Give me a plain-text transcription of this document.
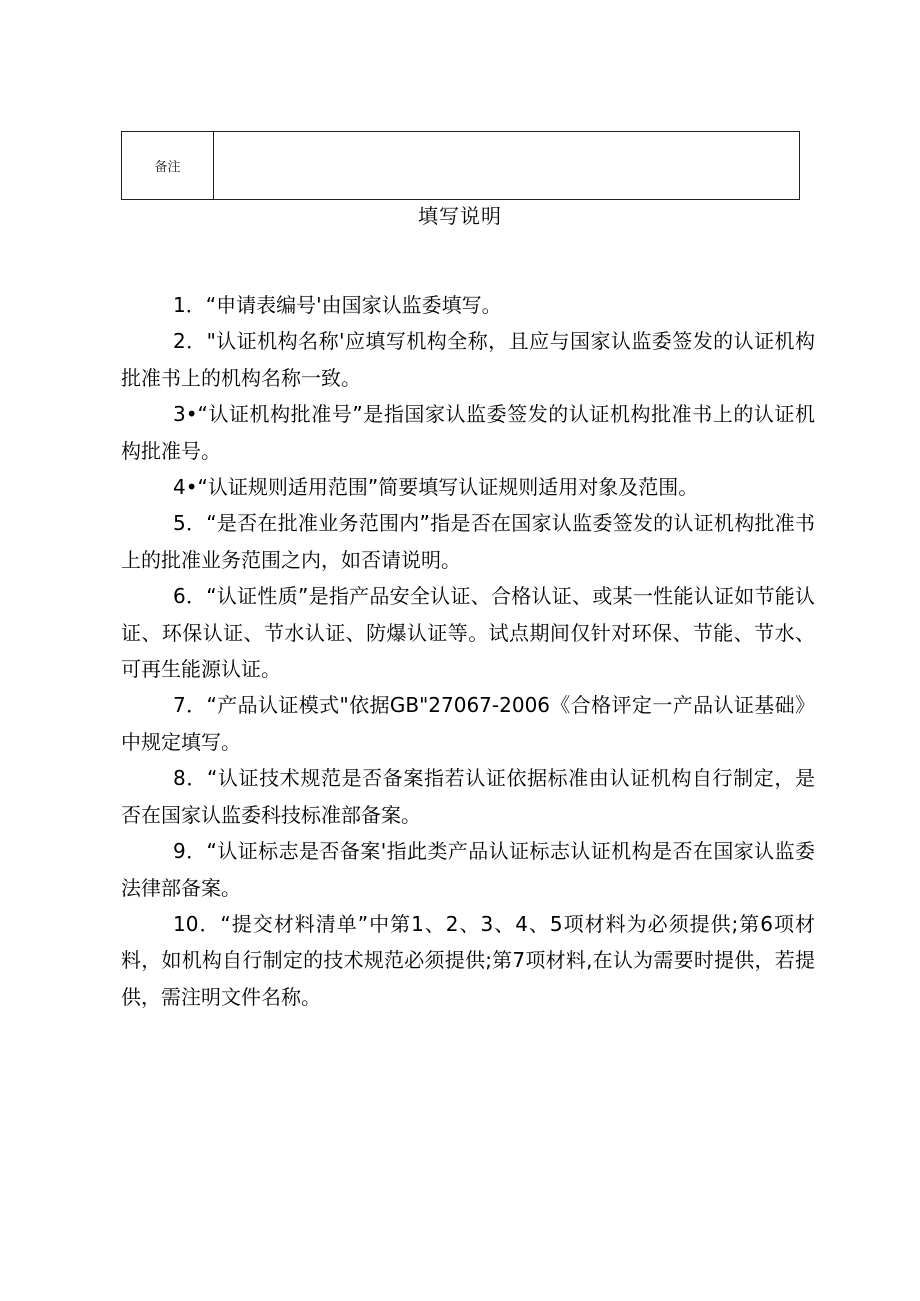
备注	
填写说明

1．“申请表编号'由国家认监委填写。

2．"认证机构名称'应填写机构全称，且应与国家认监委签发的认证机构批准书上的机构名称一致。

3•“认证机构批准号”是指国家认监委签发的认证机构批准书上的认证机构批准号。

4•“认证规则适用范围”简要填写认证规则适用对象及范围。

5．“是否在批准业务范围内”指是否在国家认监委签发的认证机构批准书上的批准业务范围之内，如否请说明。

6．“认证性质”是指产品安全认证、合格认证、或某一性能认证如节能认证、环保认证、节水认证、防爆认证等。试点期间仅针对环保、节能、节水、可再生能源认证。

7．“产品认证模式"依据GB"27067-2006《合格评定一产品认证基础》中规定填写。

8．“认证技术规范是否备案指若认证依据标准由认证机构自行制定，是否在国家认监委科技标准部备案。

9．“认证标志是否备案'指此类产品认证标志认证机构是否在国家认监委法律部备案。

10．“提交材料清单”中第1、2、3、4、5项材料为必须提供;第6项材料，如机构自行制定的技术规范必须提供;第7项材料,在认为需要时提供，若提供，需注明文件名称。
